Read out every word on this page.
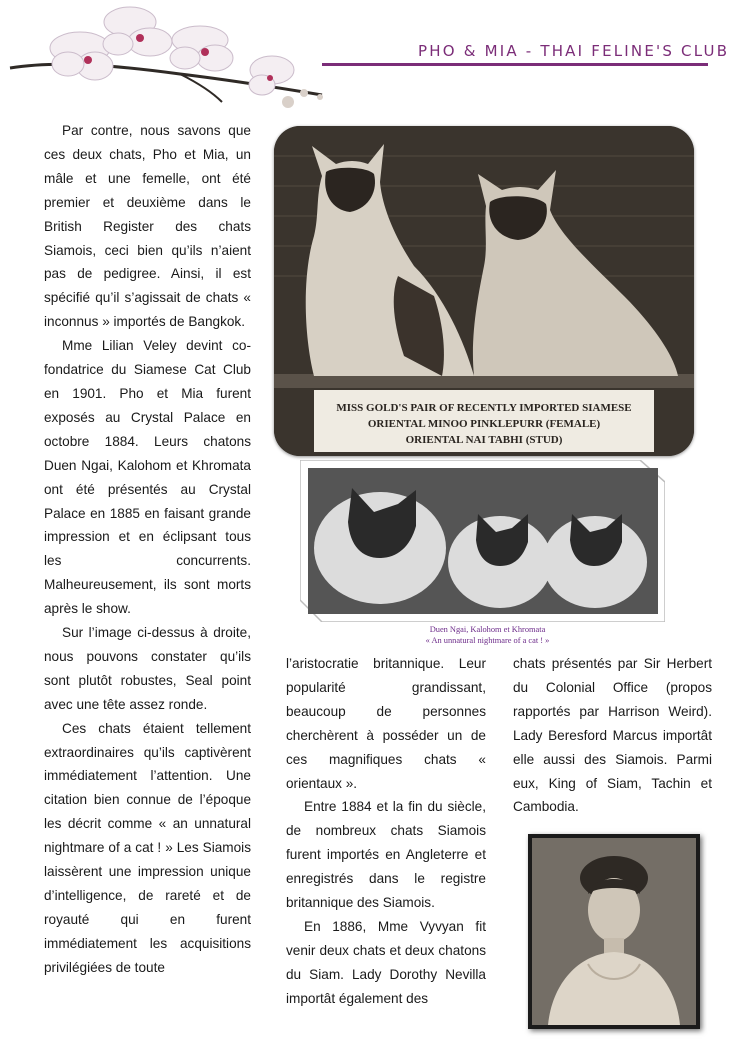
PHO & MIA - THAI FELINE'S CLUB

Par contre, nous savons que ces deux chats, Pho et Mia, un mâle et une femelle, ont été premier et deuxième dans le British Register des chats Siamois, ceci bien qu’ils n’aient pas de pedigree. Ainsi, il est spécifié qu’il s’agissait de chats « inconnus » importés de Bangkok.

Mme Lilian Veley devint co-fondatrice du Siamese Cat Club en 1901. Pho et Mia furent exposés au Crystal Palace en octobre 1884. Leurs chatons Duen Ngai, Kalohom et Khromata ont été présentés au Crystal Palace en 1885 en faisant grande impression et en éclipsant tous les concurrents. Malheureusement, ils sont morts après le show.

Sur l’image ci-dessus à droite, nous pouvons constater qu’ils sont plutôt robustes, Seal point avec une tête assez ronde.

Ces chats étaient tellement extraordinaires qu’ils captivèrent immédiatement l’attention. Une citation bien connue de l’époque les décrit comme « an unnatural nightmare of a cat ! » Les Siamois laissèrent une impression unique d’intelligence, de rareté et de royauté qui en furent immédiatement les acquisitions privilégiées de toute

MISS GOLD'S PAIR OF RECENTLY IMPORTED SIAMESE
ORIENTAL MINOO PINKLEPURR (FEMALE)
ORIENTAL NAI TABHI (STUD)
Duen Ngai, Kalohom et Khromata
« An unnatural nightmare of a cat ! »

l’aristocratie britannique. Leur popularité grandissant, beaucoup de personnes cherchèrent à posséder un de ces magnifiques chats « orientaux ».

Entre 1884 et la fin du siècle, de nombreux chats Siamois furent importés en Angleterre et enregistrés dans le registre britannique des Siamois.

En 1886, Mme Vyvyan fit venir deux chats et deux chatons du Siam. Lady Dorothy Nevilla importât également des

chats présentés par Sir Herbert du Colonial Office (propos rapportés par Harrison Weird). Lady Beresford Marcus importât elle aussi des Siamois. Parmi eux, King of Siam, Tachin et Cambodia.
